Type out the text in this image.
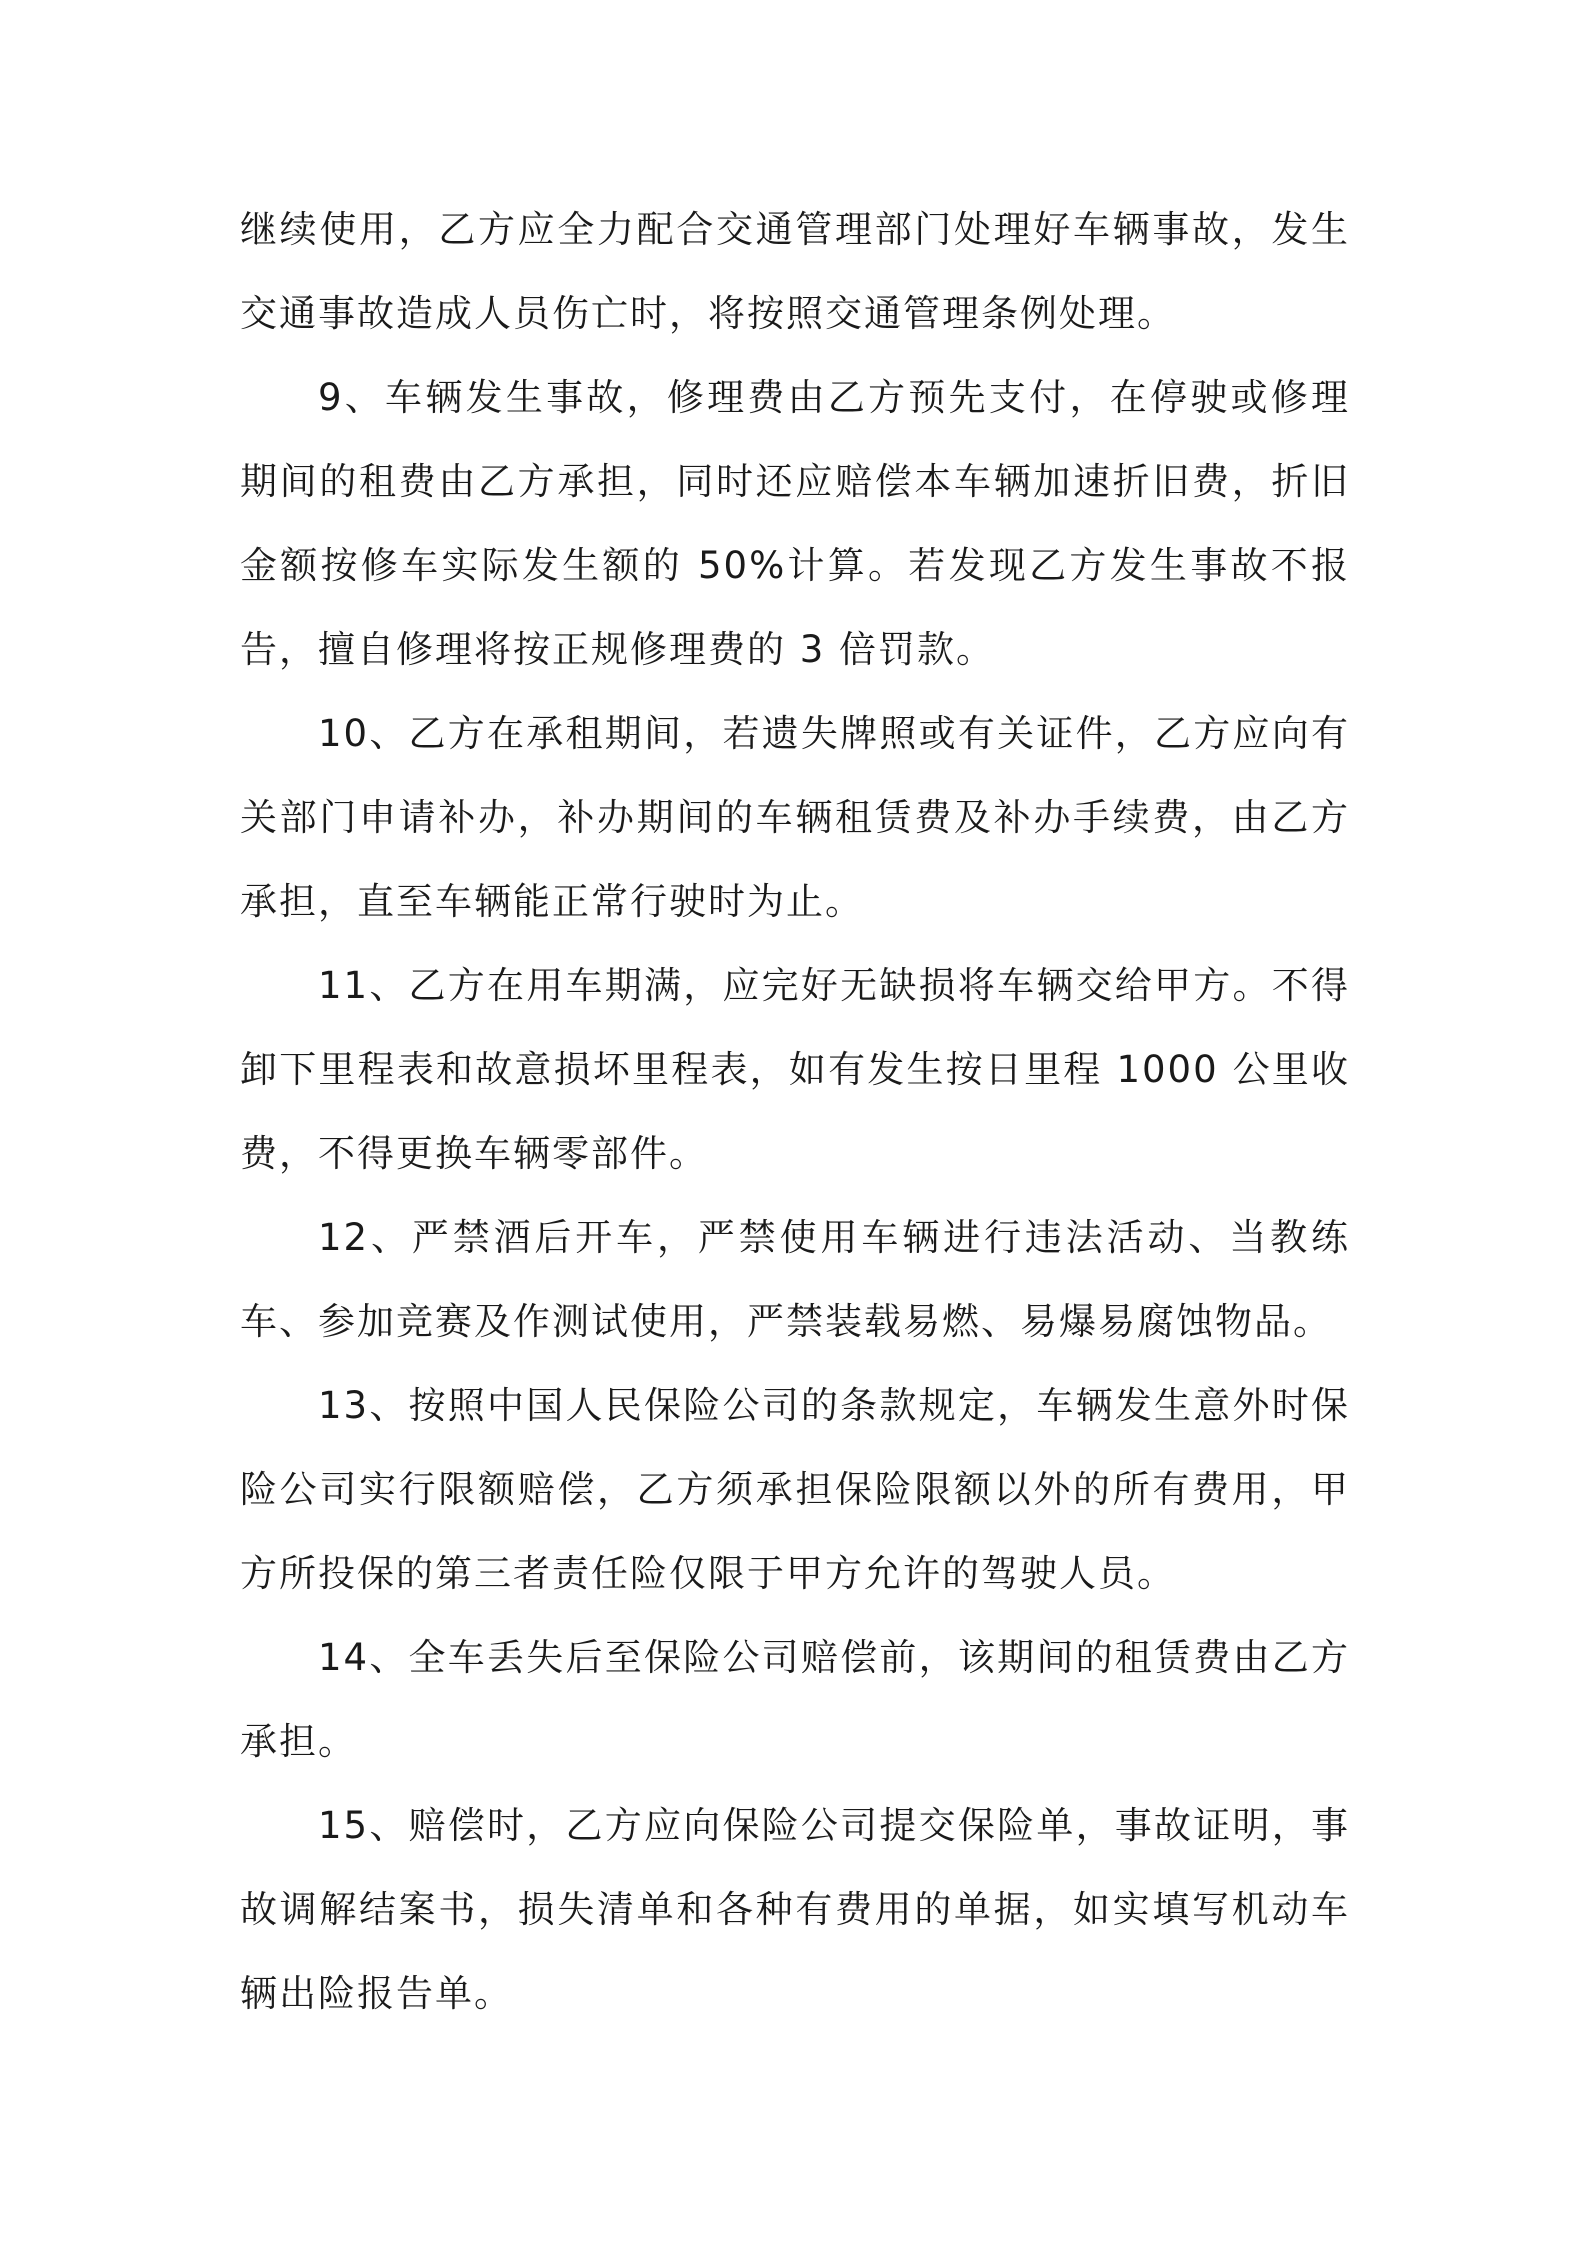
继续使用，乙方应全力配合交通管理部门处理好车辆事故，发生交通事故造成人员伤亡时，将按照交通管理条例处理。

9、车辆发生事故，修理费由乙方预先支付，在停驶或修理期间的租费由乙方承担，同时还应赔偿本车辆加速折旧费，折旧金额按修车实际发生额的 50%计算。若发现乙方发生事故不报告，擅自修理将按正规修理费的 3 倍罚款。

10、乙方在承租期间，若遗失牌照或有关证件，乙方应向有关部门申请补办，补办期间的车辆租赁费及补办手续费，由乙方承担，直至车辆能正常行驶时为止。

11、乙方在用车期满，应完好无缺损将车辆交给甲方。不得卸下里程表和故意损坏里程表，如有发生按日里程 1000 公里收费，不得更换车辆零部件。

12、严禁酒后开车，严禁使用车辆进行违法活动、当教练车、参加竞赛及作测试使用，严禁装载易燃、易爆易腐蚀物品。

13、按照中国人民保险公司的条款规定，车辆发生意外时保险公司实行限额赔偿，乙方须承担保险限额以外的所有费用，甲方所投保的第三者责任险仅限于甲方允许的驾驶人员。

14、全车丢失后至保险公司赔偿前，该期间的租赁费由乙方承担。

15、赔偿时，乙方应向保险公司提交保险单，事故证明，事故调解结案书，损失清单和各种有费用的单据，如实填写机动车辆出险报告单。
